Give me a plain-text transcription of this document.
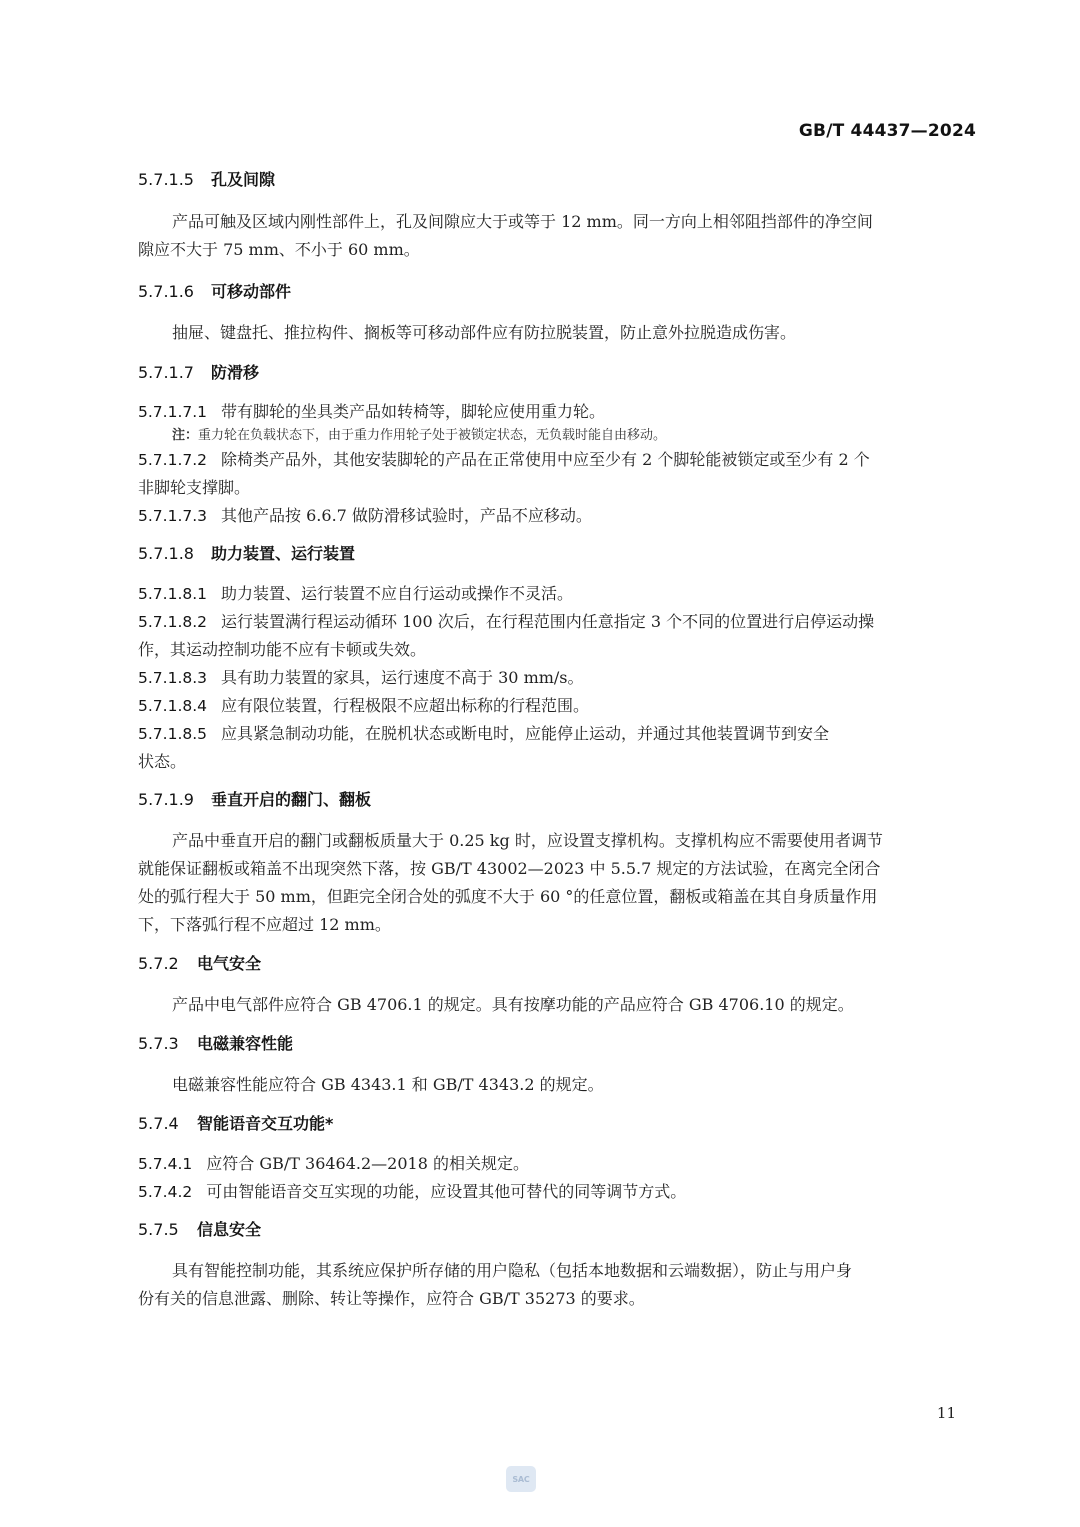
GB/T 44437—2024
5.7.1.5	孔及间隙

产品可触及区域内刚性部件上，孔及间隙应大于或等于 12 mm。同一方向上相邻阻挡部件的净空间

隙应不大于 75 mm、不小于 60 mm。

5.7.1.6	可移动部件

抽屉、键盘托、推拉构件、搁板等可移动部件应有防拉脱装置，防止意外拉脱造成伤害。

5.7.1.7	防滑移

5.7.1.7.1 带有脚轮的坐具类产品如转椅等，脚轮应使用重力轮。

注：重力轮在负载状态下，由于重力作用轮子处于被锁定状态，无负载时能自由移动。

5.7.1.7.2 除椅类产品外，其他安装脚轮的产品在正常使用中应至少有 2 个脚轮能被锁定或至少有 2 个

非脚轮支撑脚。

5.7.1.7.3 其他产品按 6.6.7 做防滑移试验时，产品不应移动。

5.7.1.8	助力装置、运行装置

5.7.1.8.1 助力装置、运行装置不应自行运动或操作不灵活。

5.7.1.8.2 运行装置满行程运动循环 100 次后，在行程范围内任意指定 3 个不同的位置进行启停运动操

作，其运动控制功能不应有卡顿或失效。

5.7.1.8.3 具有助力装置的家具，运行速度不高于 30 mm/s。

5.7.1.8.4 应有限位装置，行程极限不应超出标称的行程范围。

5.7.1.8.5 应具紧急制动功能，在脱机状态或断电时，应能停止运动，并通过其他装置调节到安全

状态。

5.7.1.9	垂直开启的翻门、翻板

产品中垂直开启的翻门或翻板质量大于 0.25 kg 时，应设置支撑机构。支撑机构应不需要使用者调节

就能保证翻板或箱盖不出现突然下落，按 GB/T 43002—2023 中 5.5.7 规定的方法试验，在离完全闭合

处的弧行程大于 50 mm，但距完全闭合处的弧度不大于 60 °的任意位置，翻板或箱盖在其自身质量作用

下，下落弧行程不应超过 12 mm。

5.7.2	电气安全

产品中电气部件应符合 GB 4706.1 的规定。具有按摩功能的产品应符合 GB 4706.10 的规定。

5.7.3	电磁兼容性能

电磁兼容性能应符合 GB 4343.1 和 GB/T 4343.2 的规定。

5.7.4	智能语音交互功能*

5.7.4.1 应符合 GB/T 36464.2—2018 的相关规定。

5.7.4.2 可由智能语音交互实现的功能，应设置其他可替代的同等调节方式。

5.7.5	信息安全

具有智能控制功能，其系统应保护所存储的用户隐私（包括本地数据和云端数据），防止与用户身

份有关的信息泄露、删除、转让等操作，应符合 GB/T 35273 的要求。

11
SAC
